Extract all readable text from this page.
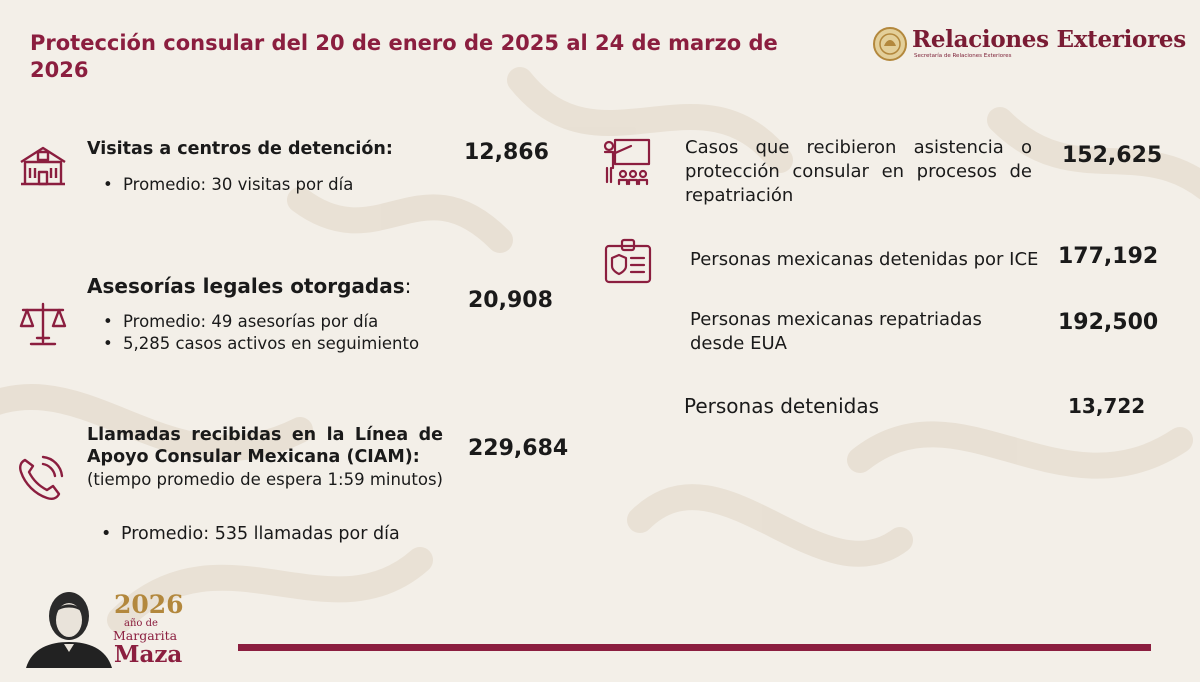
Protección consular del 20 de enero de 2025 al 24 de marzo de 2026
Relaciones Exteriores
Secretaría de Relaciones Exteriores
Visitas a centros de detención:	12,866
• Promedio: 30 visitas por día
Asesorías legales otorgadas:
20,908
• Promedio: 49 asesorías por día
• 5,285 casos activos en seguimiento
Llamadas recibidas en la Línea de Apoyo Consular Mexicana (CIAM):
(tiempo promedio de espera 1:59 minutos)
229,684
• Promedio: 535 llamadas por día
Casos que recibieron asistencia o protección consular en procesos de repatriación
152,625
Personas mexicanas detenidas por ICE 177,192
Personas mexicanas repatriadas desde EUA
192,500
Personas detenidas	13,722
2026
año de
Margarita
Maza
